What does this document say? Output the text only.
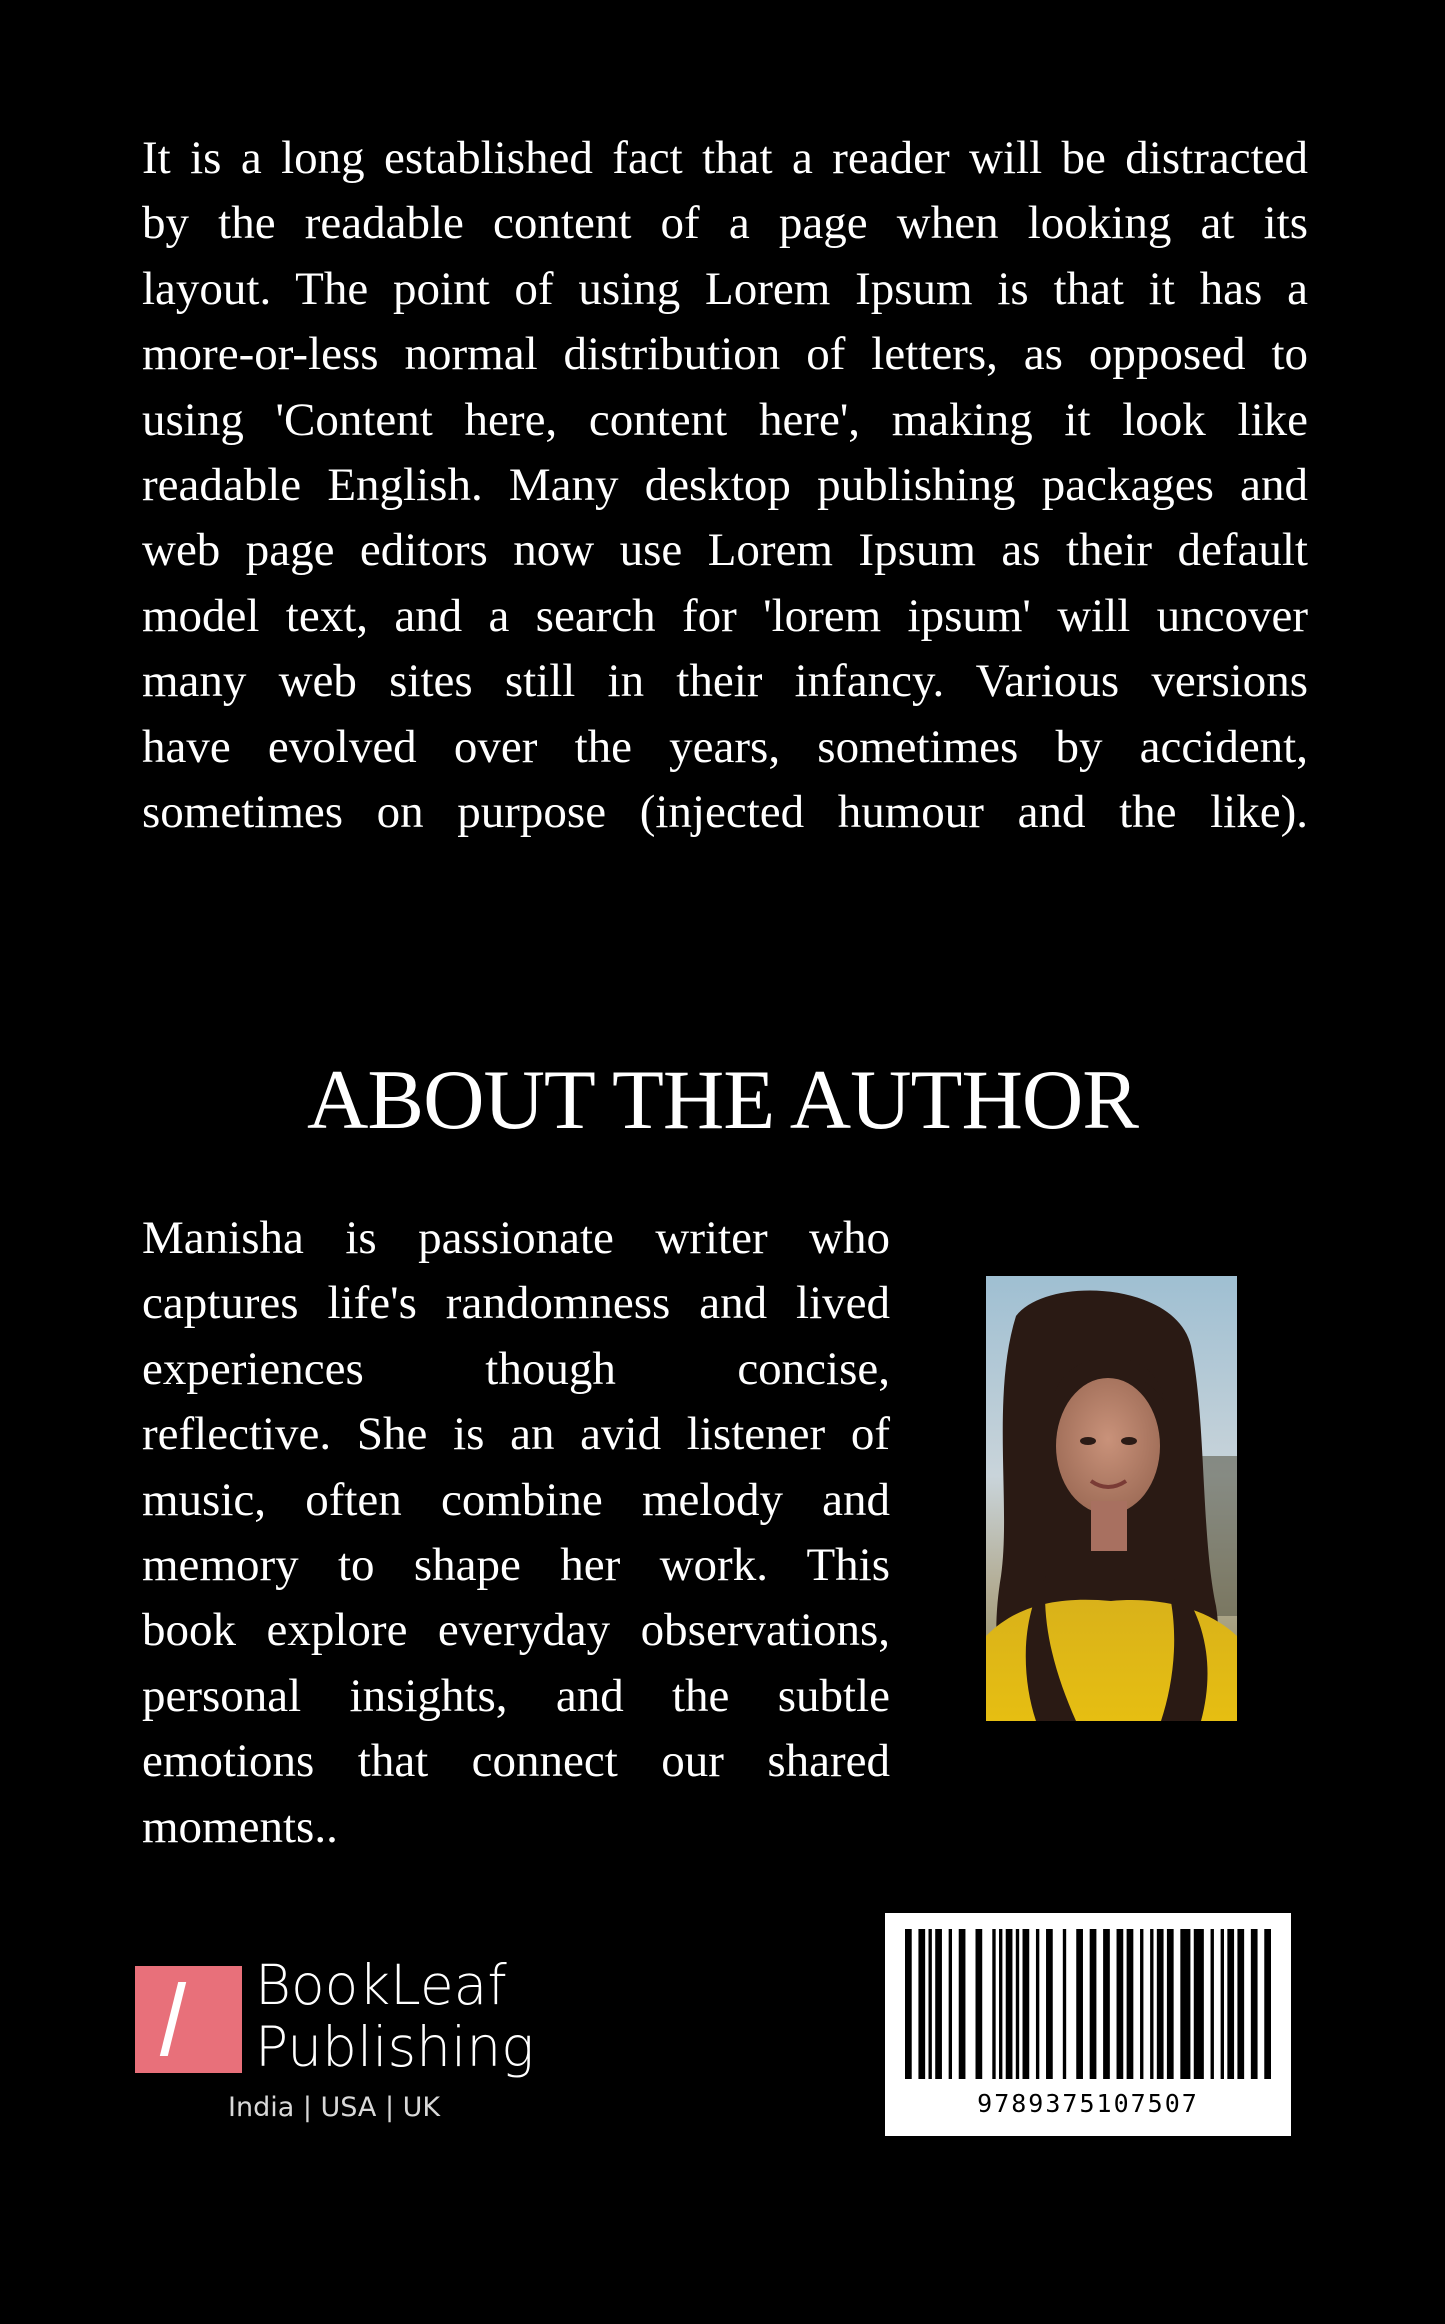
It is a long established fact that a reader will be distracted
by the readable content of a page when looking at its
layout. The point of using Lorem Ipsum is that it has a
more-or-less normal distribution of letters, as opposed to
using 'Content here, content here', making it look like
readable English. Many desktop publishing packages and
web page editors now use Lorem Ipsum as their default
model text, and a search for 'lorem ipsum' will uncover
many web sites still in their infancy. Various versions
have evolved over the years, sometimes by accident,
sometimes on purpose (injected humour and the like).

ABOUT THE AUTHOR

Manisha is passionate writer who
captures life's randomness and lived
experiences though concise,
reflective. She is an avid listener of
music, often combine melody and
memory to shape her work. This
book explore everyday observations,
personal insights, and the subtle
emotions that connect our shared
moments..

BookLeaf
Publishing
India | USA | UK	9789375107507
